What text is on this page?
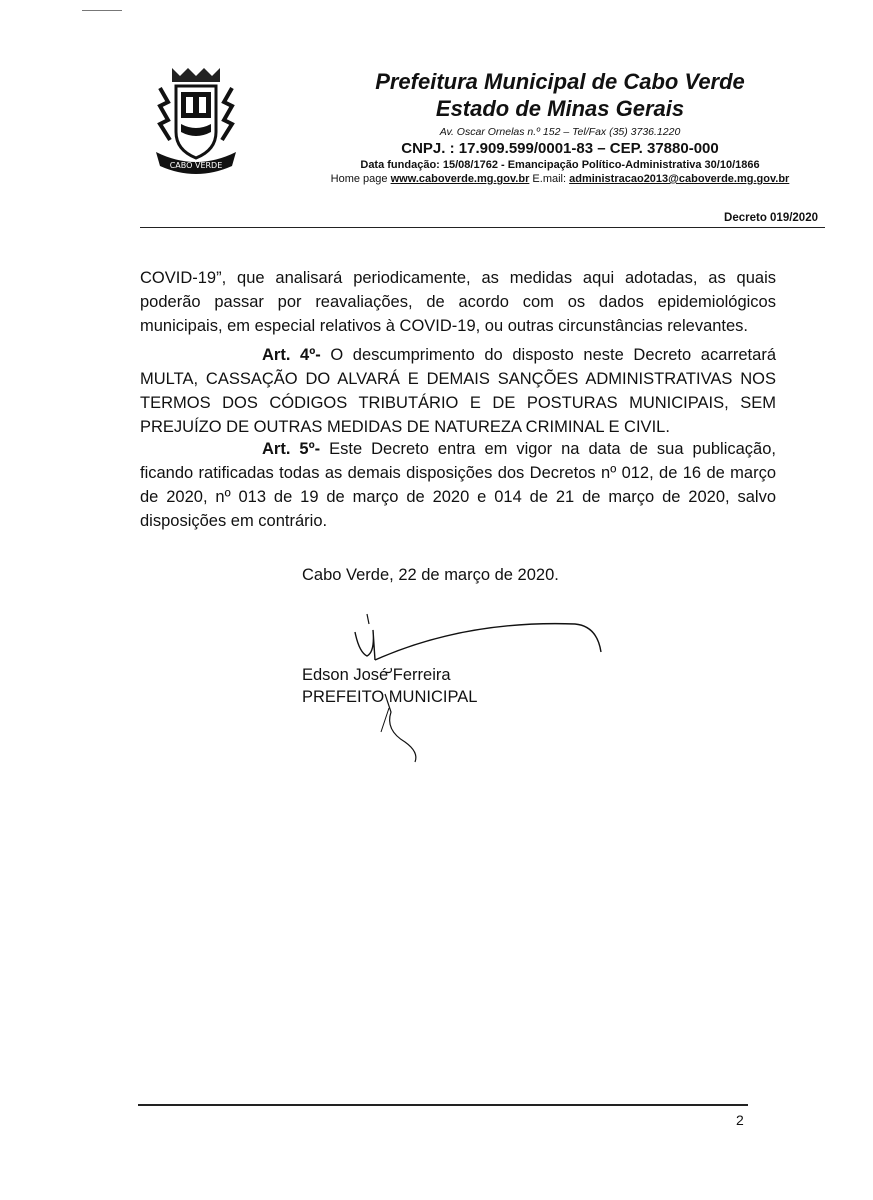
CABO VERDE
Prefeitura Municipal de Cabo Verde
Estado de Minas Gerais
Av. Oscar Ornelas n.º 152 – Tel/Fax (35) 3736.1220
CNPJ. : 17.909.599/0001-83 – CEP. 37880-000
Data fundação: 15/08/1762 - Emancipação Político-Administrativa 30/10/1866
Home page www.caboverde.mg.gov.br E.mail: administracao2013@caboverde.mg.gov.br
Decreto 019/2020
COVID-19”, que analisará periodicamente, as medidas aqui adotadas, as quais poderão passar por reavaliações, de acordo com os dados epidemiológicos municipais, em especial relativos à COVID-19, ou outras circunstâncias relevantes.
Art. 4º- O descumprimento do disposto neste Decreto acarretará MULTA, CASSAÇÃO DO ALVARÁ E DEMAIS SANÇÕES ADMINISTRATIVAS NOS TERMOS DOS CÓDIGOS TRIBUTÁRIO E DE POSTURAS MUNICIPAIS, SEM PREJUÍZO DE OUTRAS MEDIDAS DE NATUREZA CRIMINAL E CIVIL.
Art. 5º- Este Decreto entra em vigor na data de sua publicação, ficando ratificadas todas as demais disposições dos Decretos nº 012, de 16 de março de 2020, nº 013 de 19 de março de 2020 e 014 de 21 de março de 2020, salvo disposições em contrário.
Cabo Verde, 22 de março de 2020.
Edson José Ferreira
PREFEITO MUNICIPAL
2
